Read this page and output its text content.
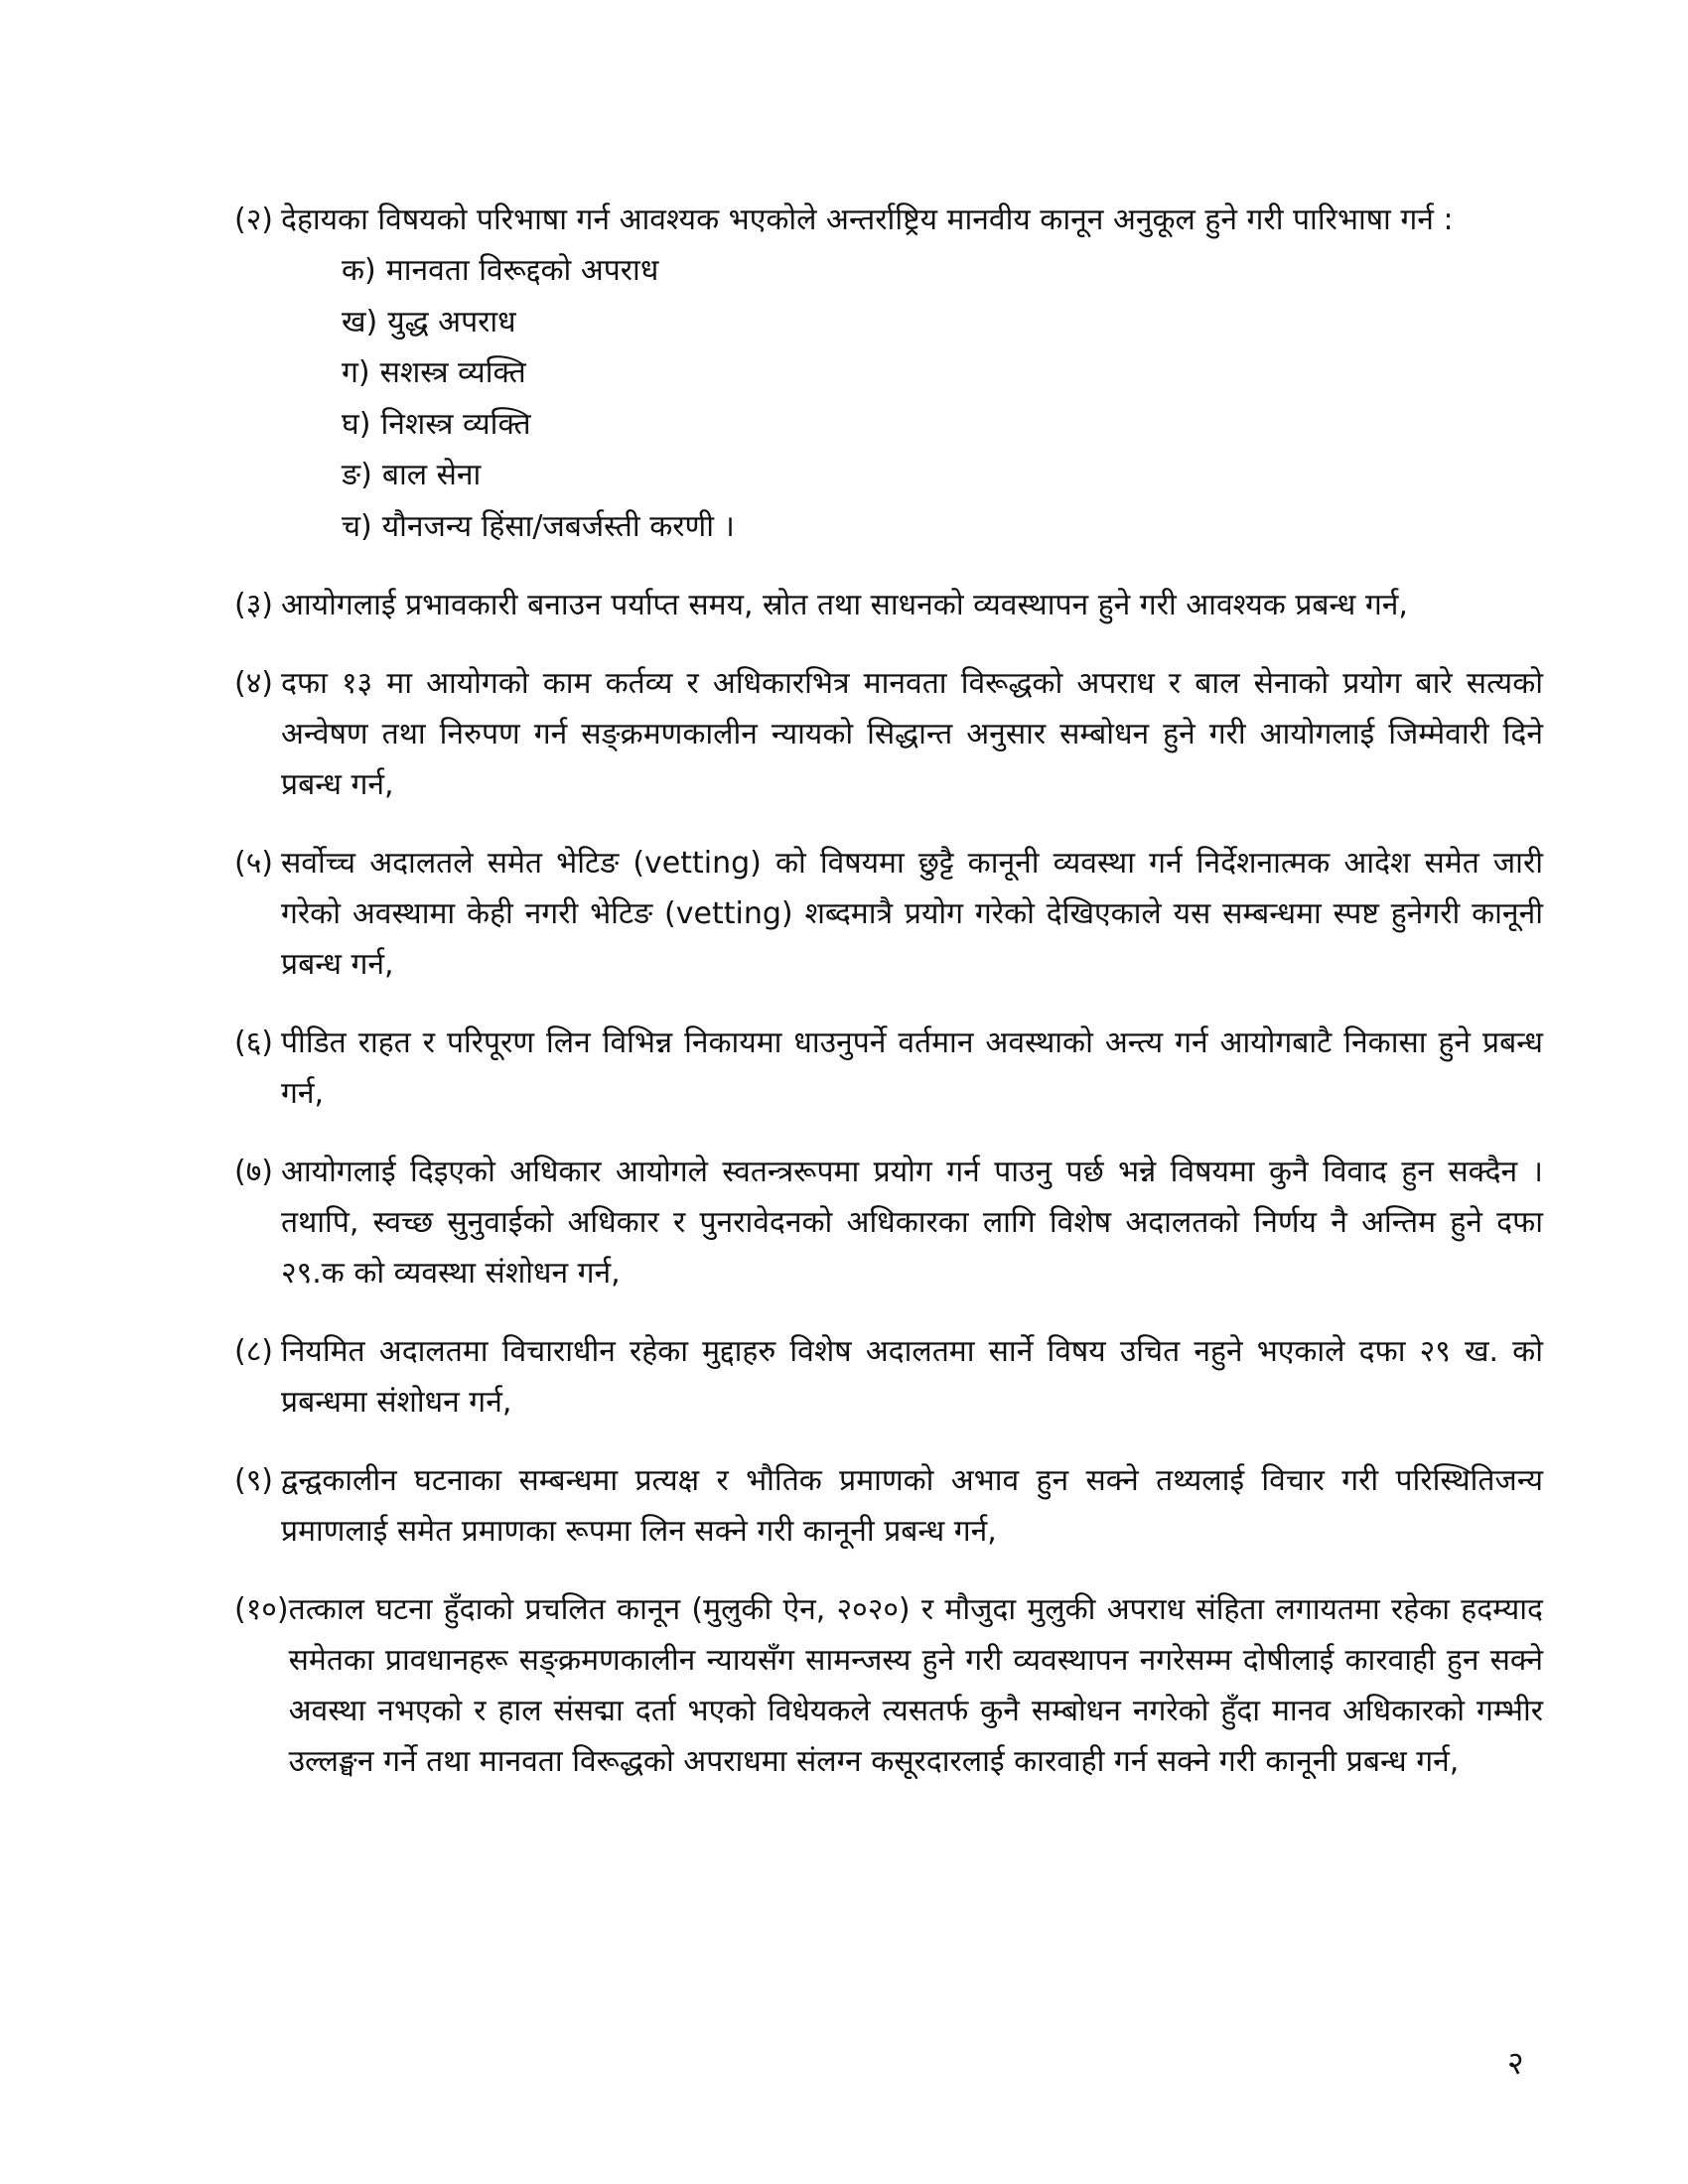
(२) देहायका विषयको परिभाषा गर्न आवश्यक भएकोले अन्तर्राष्ट्रिय मानवीय कानून अनुकूल हुने गरी पारिभाषा गर्न :
क) मानवता विरूद्दको अपराध
ख) युद्ध अपराध
ग) सशस्त्र व्यक्ति
घ) निशस्त्र व्यक्ति
ङ) बाल सेना
च) यौनजन्य हिंसा/जबर्जस्ती करणी ।
(३) आयोगलाई प्रभावकारी बनाउन पर्याप्त समय, स्रोत तथा साधनको व्यवस्थापन हुने गरी आवश्यक प्रबन्ध गर्न,
(४) दफा १३ मा आयोगको काम कर्तव्य र अधिकारभित्र मानवता विरूद्धको अपराध र बाल सेनाको प्रयोग बारे सत्यको अन्वेषण तथा निरुपण गर्न सङ्क्रमणकालीन न्यायको सिद्धान्त अनुसार सम्बोधन हुने गरी आयोगलाई जिम्मेवारी दिने प्रबन्ध गर्न,
(५) सर्वोच्च अदालतले समेत भेटिङ (vetting) को विषयमा छुट्टै कानूनी व्यवस्था गर्न निर्देशनात्मक आदेश समेत जारी गरेको अवस्थामा केही नगरी भेटिङ (vetting) शब्दमात्रै प्रयोग गरेको देखिएकाले यस सम्बन्धमा स्पष्ट हुनेगरी कानूनी प्रबन्ध गर्न,
(६) पीडित राहत र परिपूरण लिन विभिन्न निकायमा धाउनुपर्ने वर्तमान अवस्थाको अन्त्य गर्न आयोगबाटै निकासा हुने प्रबन्ध गर्न,
(७) आयोगलाई दिइएको अधिकार आयोगले स्वतन्त्ररूपमा प्रयोग गर्न पाउनु पर्छ भन्ने विषयमा कुनै विवाद हुन सक्दैन । तथापि, स्वच्छ सुनुवाईको अधिकार र पुनरावेदनको अधिकारका लागि विशेष अदालतको निर्णय नै अन्तिम हुने दफा २९.क को व्यवस्था संशोधन गर्न,
(८) नियमित अदालतमा विचाराधीन रहेका मुद्दाहरु विशेष अदालतमा सार्ने विषय उचित नहुने भएकाले दफा २९ ख. को प्रबन्धमा संशोधन गर्न,
(९) द्वन्द्वकालीन घटनाका सम्बन्धमा प्रत्यक्ष र भौतिक प्रमाणको अभाव हुन सक्ने तथ्यलाई विचार गरी परिस्थितिजन्य प्रमाणलाई समेत प्रमाणका रूपमा लिन सक्ने गरी कानूनी प्रबन्ध गर्न,
(१०) तत्काल घटना हुँदाको प्रचलित कानून (मुलुकी ऐन, २०२०) र मौजुदा मुलुकी अपराध संहिता लगायतमा रहेका हदम्याद समेतका प्रावधानहरू सङ्क्रमणकालीन न्यायसँग सामन्जस्य हुने गरी व्यवस्थापन नगरेसम्म दोषीलाई कारवाही हुन सक्ने अवस्था नभएको र हाल संसद्मा दर्ता भएको विधेयकले त्यसतर्फ कुनै सम्बोधन नगरेको हुँदा मानव अधिकारको गम्भीर उल्लङ्घन गर्ने तथा मानवता विरूद्धको अपराधमा संलग्न कसूरदारलाई कारवाही गर्न सक्ने गरी कानूनी प्रबन्ध गर्न,
२
